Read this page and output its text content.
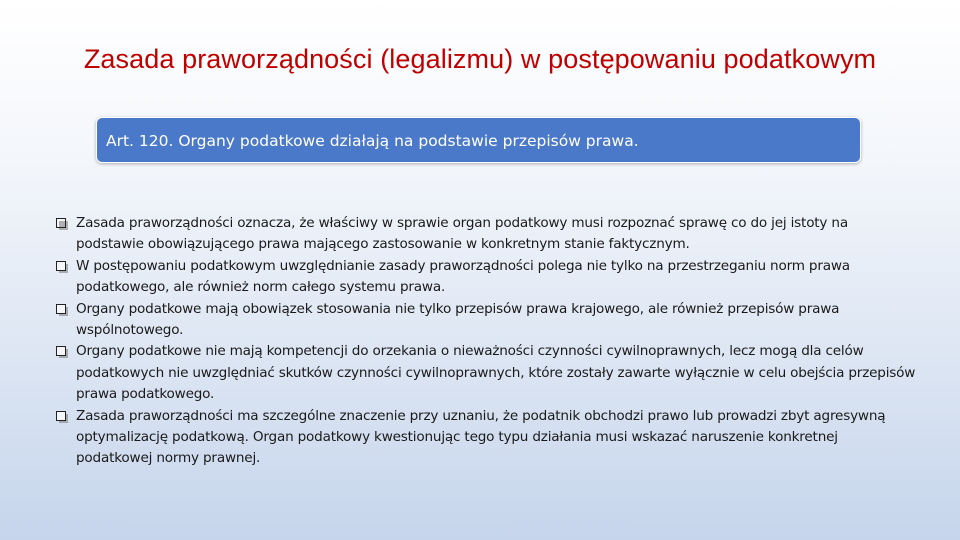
Zasada praworządności (legalizmu) w postępowaniu podatkowym
Art. 120. Organy podatkowe działają na podstawie przepisów prawa.
Zasada praworządności oznacza, że właściwy w sprawie organ podatkowy musi rozpoznać sprawę co do jej istoty na podstawie obowiązującego prawa mającego zastosowanie w konkretnym stanie faktycznym.
W postępowaniu podatkowym uwzględnianie zasady praworządności polega nie tylko na przestrzeganiu norm prawa podatkowego, ale również norm całego systemu prawa.
Organy podatkowe mają obowiązek stosowania nie tylko przepisów prawa krajowego, ale również przepisów prawa wspólnotowego.
Organy podatkowe nie mają kompetencji do orzekania o nieważności czynności cywilnoprawnych, lecz mogą dla celów podatkowych nie uwzględniać skutków czynności cywilnoprawnych, które zostały zawarte wyłącznie w celu obejścia przepisów prawa podatkowego.
Zasada praworządności ma szczególne znaczenie przy uznaniu, że podatnik obchodzi prawo lub prowadzi zbyt agresywną optymalizację podatkową. Organ podatkowy kwestionując tego typu działania musi wskazać naruszenie konkretnej podatkowej normy prawnej.
